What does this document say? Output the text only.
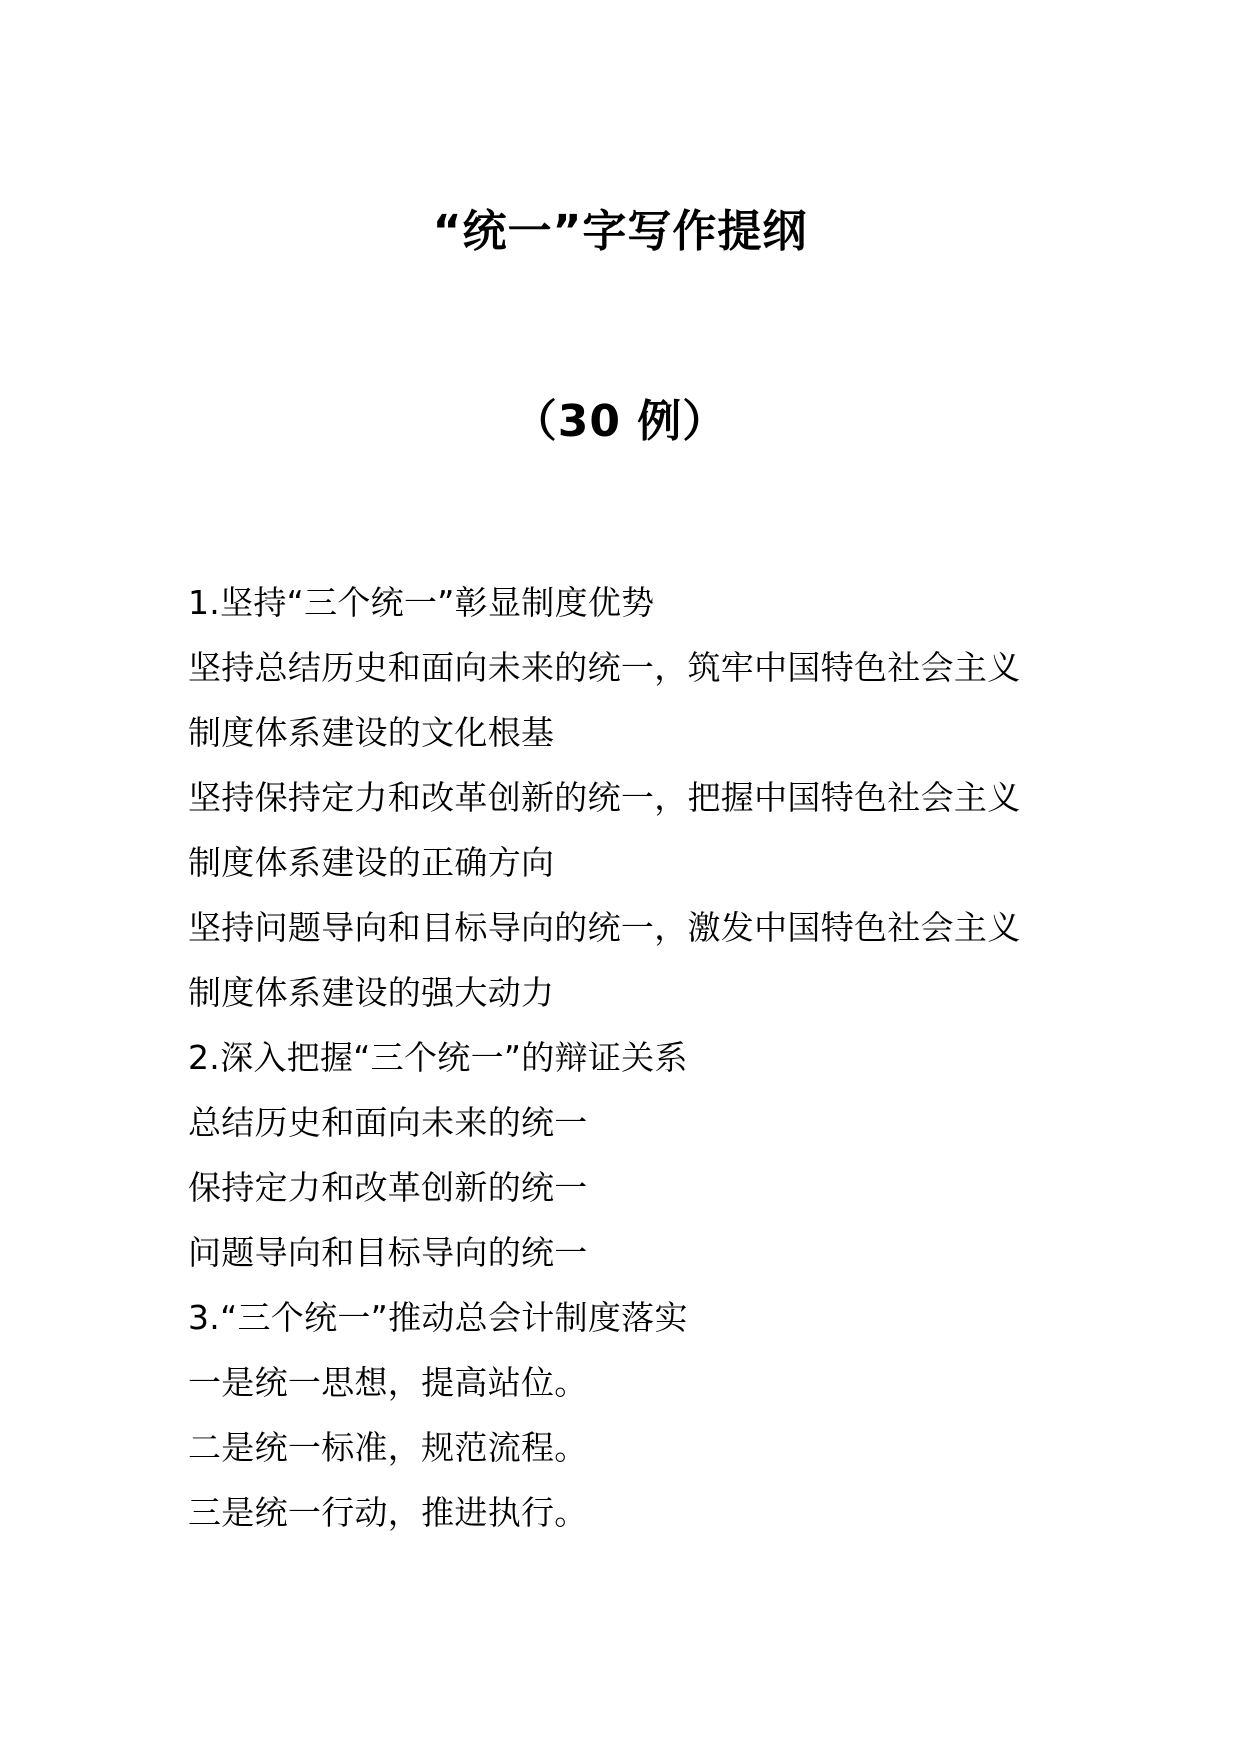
“统一”字写作提纲
（30 例）
1.坚持“三个统一”彰显制度优势
坚持总结历史和面向未来的统一，筑牢中国特色社会主义
制度体系建设的文化根基
坚持保持定力和改革创新的统一，把握中国特色社会主义
制度体系建设的正确方向
坚持问题导向和目标导向的统一，激发中国特色社会主义
制度体系建设的强大动力
2.深入把握“三个统一”的辩证关系
总结历史和面向未来的统一
保持定力和改革创新的统一
问题导向和目标导向的统一
3.“三个统一”推动总会计制度落实
一是统一思想，提高站位。
二是统一标准，规范流程。
三是统一行动，推进执行。
